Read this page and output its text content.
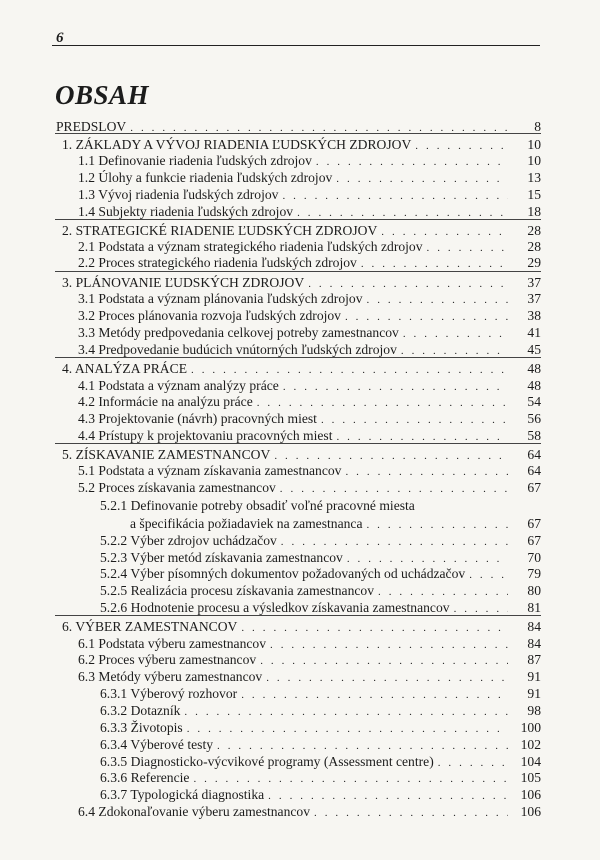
6
OBSAH
PREDSLOV . . .	8
1. ZÁKLADY A VÝVOJ RIADENIA ĽUDSKÝCH ZDROJOV . . .	10
1.1 Definovanie riadenia ľudských zdrojov . . .	10
1.2 Úlohy a funkcie riadenia ľudských zdrojov . . .	13
1.3 Vývoj riadenia ľudských zdrojov . . .	15
1.4 Subjekty riadenia ľudských zdrojov . . .	18
2. STRATEGICKÉ RIADENIE ĽUDSKÝCH ZDROJOV . . .	28
2.1 Podstata a význam strategického riadenia ľudských zdrojov . . .	28
2.2 Proces strategického riadenia ľudských zdrojov . . .	29
3. PLÁNOVANIE ĽUDSKÝCH ZDROJOV . . .	37
3.1 Podstata a význam plánovania ľudských zdrojov . . .	37
3.2 Proces plánovania rozvoja ľudských zdrojov . . .	38
3.3 Metódy predpovedania celkovej potreby zamestnancov . . .	41
3.4 Predpovedanie budúcich vnútorných ľudských zdrojov . . .	45
4. ANALÝZA PRÁCE . . .	48
4.1 Podstata a význam analýzy práce . . .	48
4.2 Informácie na analýzu práce . . .	54
4.3 Projektovanie (návrh) pracovných miest . . .	56
4.4 Prístupy k projektovaniu pracovných miest . . .	58
5. ZÍSKAVANIE ZAMESTNANCOV . . .	64
5.1 Podstata a význam získavania zamestnancov . . .	64
5.2 Proces získavania zamestnancov . . .	67
5.2.1 Definovanie potreby obsadiť voľné pracovné miesta
a špecifikácia požiadaviek na zamestnanca . . .	67
5.2.2 Výber zdrojov uchádzačov . . .	67
5.2.3 Výber metód získavania zamestnancov . . .	70
5.2.4 Výber písomných dokumentov požadovaných od uchádzačov . . .	79
5.2.5 Realizácia procesu získavania zamestnancov . . .	80
5.2.6 Hodnotenie procesu a výsledkov získavania zamestnancov . . .	81
6. VÝBER ZAMESTNANCOV . . .	84
6.1 Podstata výberu zamestnancov . . .	84
6.2 Proces výberu zamestnancov . . .	87
6.3 Metódy výberu zamestnancov . . .	91
6.3.1 Výberový rozhovor . . .	91
6.3.2 Dotazník . . .	98
6.3.3 Životopis . . .	100
6.3.4 Výberové testy . . .	102
6.3.5 Diagnosticko-výcvikové programy (Assessment centre) . . .	104
6.3.6 Referencie . . .	105
6.3.7 Typologická diagnostika . . .	106
6.4 Zdokonaľovanie výberu zamestnancov . . .	106
